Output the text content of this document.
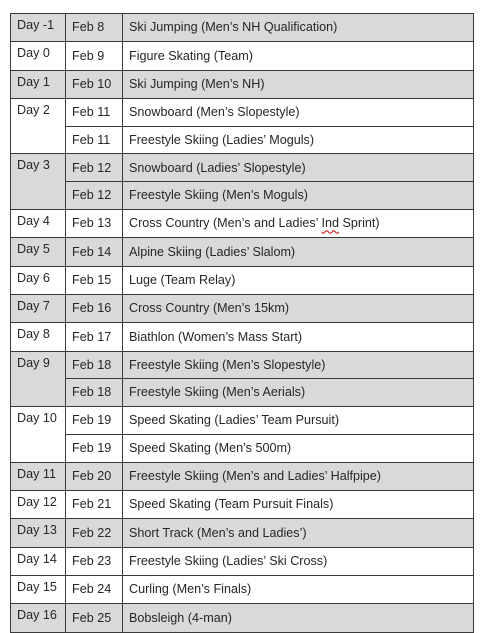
Day -1	Feb 8	Ski Jumping (Men’s NH Qualification)
Day 0	Feb 9	Figure Skating (Team)
Day 1	Feb 10	Ski Jumping (Men’s NH)
Day 2	Feb 11	Snowboard (Men’s Slopestyle)
	Feb 11	Freestyle Skiing (Ladies’ Moguls)
Day 3	Feb 12	Snowboard (Ladies’ Slopestyle)
	Feb 12	Freestyle Skiing (Men’s Moguls)
Day 4	Feb 13	Cross Country (Men’s and Ladies’ Ind Sprint)
Day 5	Feb 14	Alpine Skiing (Ladies’ Slalom)
Day 6	Feb 15	Luge (Team Relay)
Day 7	Feb 16	Cross Country (Men’s 15km)
Day 8	Feb 17	Biathlon (Women’s Mass Start)
Day 9	Feb 18	Freestyle Skiing (Men’s Slopestyle)
	Feb 18	Freestyle Skiing (Men’s Aerials)
Day 10	Feb 19	Speed Skating (Ladies’ Team Pursuit)
	Feb 19	Speed Skating (Men’s 500m)
Day 11	Feb 20	Freestyle Skiing (Men’s and Ladies’ Halfpipe)
Day 12	Feb 21	Speed Skating (Team Pursuit Finals)
Day 13	Feb 22	Short Track (Men’s and Ladies’)
Day 14	Feb 23	Freestyle Skiing (Ladies’ Ski Cross)
Day 15	Feb 24	Curling (Men’s Finals)
Day 16	Feb 25	Bobsleigh (4-man)
